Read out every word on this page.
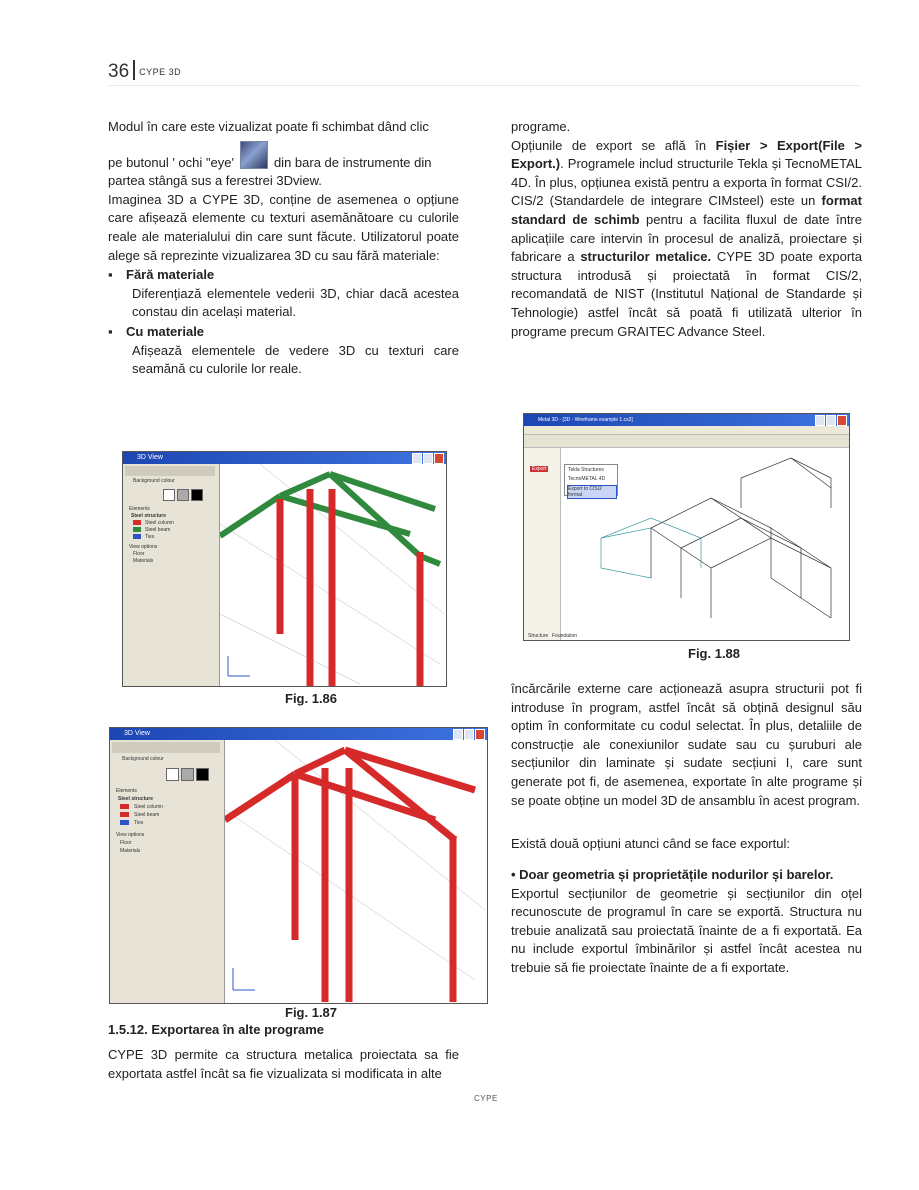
36 $^{CYPE 3D}$

Modul în care este vizualizat poate fi schimbat dând clic

pe butonul ' ochi "eye'	din bara de instrumente din

partea stângă sus a ferestrei 3Dview.

Imaginea 3D a CYPE 3D, conține de asemenea o opțiune care afișează elemente cu texturi asemănătoare cu culorile reale ale materialului din care sunt făcute. Utilizatorul poate alege să reprezinte vizualizarea 3D cu sau fără materiale:

▪ Fără materiale

Diferențiază elementele vederii 3D, chiar dacă acestea constau din același material.

▪ Cu materiale

Afișează elementele de vedere 3D cu texturi care seamănă cu culorile lor reale.

3D View
Background colour
Elements
Steel structure
Steel column
Steel beam
Ties
View options
Floor
Materials
Fig. 1.86
3D View
Background colour
Elements
Steel structure
Steel column
Steel beam
Ties
View options
Floor
Materials
Fig. 1.87
1.5.12. Exportarea în alte programe
CYPE 3D permite ca structura metalica proiectata sa fie exportata astfel încât sa fie vizualizata si modificata in alte

programe.

Opțiunile de export se află în Fișier > Export(File > Export.). Programele includ structurile Tekla și TecnoMETAL 4D. În plus, opțiunea există pentru a exporta în format CSI/2. CIS/2 (Standardele de integrare CIMsteel) este un format standard de schimb pentru a facilita fluxul de date între aplicațiile care intervin în procesul de analiză, proiectare și fabricare a structurilor metalice. CYPE 3D poate exporta structura introdusă și proiectată în format CIS/2, recomandată de NIST (Institutul Național de Standarde și Tehnologie) astfel încât să poată fi utilizată ulterior în programe precum GRAITEC Advance Steel.

Metal 3D - [3D - Wireframe example 1.cs3]
Export	Tekla Structures
TecnoMETAL 4D
Export to CIS/2 format
Structure Foundation
Fig. 1.88
încărcările externe care acționează asupra structurii pot fi introduse în program, astfel încât să obțină designul său optim în conformitate cu codul selectat. În plus, detaliile de construcție ale conexiunilor sudate sau cu șuruburi ale secțiunilor din laminate și sudate secțiuni I, care sunt generate pot fi, de asemenea, exportate în alte programe și se poate obține un model 3D de ansamblu în acest program.
Există două opțiuni atunci când se face exportul:

• Doar geometria și proprietățile nodurilor și barelor.

Exportul secțiunilor de geometrie și secțiunilor din oțel recunoscute de programul în care se exportă. Structura nu trebuie analizată sau proiectată înainte de a fi exportată. Ea nu include exportul îmbinărilor și astfel încât acestea nu trebuie să fie proiectate înainte de a fi exportate.

CYPE
